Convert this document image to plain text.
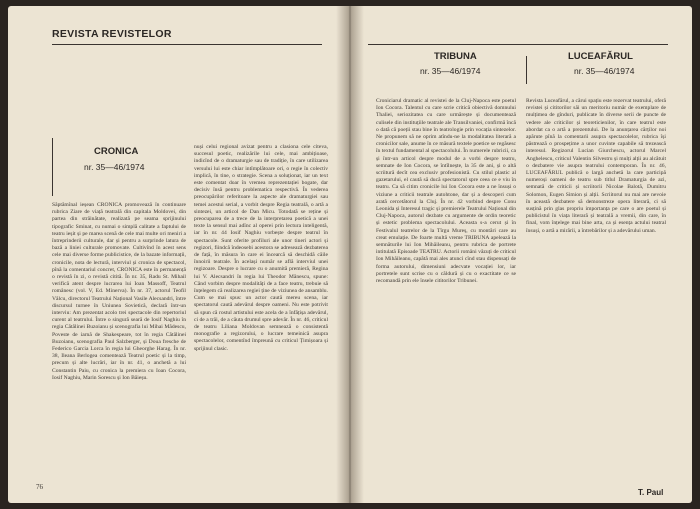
REVISTA REVISTELOR
CRONICA
nr. 35—46/1974
Săptămînal ieșean CRONICA promovează în continuare rubrica Ziare de viață teatrală din capitala Moldovei, din partea din străinătate, realizată pe seama sprijinului tipografic Sminat, cu numai o simplă calitate a faptului de teatru ieșit și pe marea scenă de cele mai multe ori meniri a întreprinderii culturale, dar și pentru a surprinde latura de bază a liniei culturale promovate. Cultivînd în acest sens cele mai diverse forme publicistice, de la bazate informații, cronicile, nota de lectură, interviul și cronica de spectacol, pînă la comentariul concret, CRONICA este în permanență o revistă în zi, o revistă citită. În nr. 35, Radu St. Mihail verifică atent despre lucrarea lui Ioan Massoff, Teatrul românesc (vol. V, Ed. Minerva). În nr. 37, actorul Teofil Vâlcu, directorul Teatrului Național Vasile Alecsandri, între discursul turnee în Uniunea Sovietică, declară într-un interviu: Am prezentat acolo trei spectacole din repertoriul curent al teatrului. Între o singură seară de Iosif Naghiu în regia Cătălinei Buzoianu și scenografia lui Mihai Mădescu, Poveste de iarnă de Shakespeare, tot în regia Cătălinei Buzoianu, scenografia Paul Salzberger, și Doua fresche de Federico Garcia Lorca în regia lui Gheorghe Harag. În nr. 38, Ileana Berlogea comentează Teatrul poetic și la timp, precum și alte lucrări, iar în nr. 41, o anchetă a lui Constantin Paiu, cu cronica la premiera cu Ioan Cocora, Iosif Naghiu, Marin Sorescu și Ion Băieșu.
nuși celui regional avizat pentru a clasiona cele citeva, succesul poetic, realizările lui cele, mai ambițioase, indicînd de o dramaturgie sau de tradiție, în care utilizarea versului lui este chiar intîmplătoare ori, o regie în colectiv implică, în tine, o strategie. Scena a soluționat, iar un text este comentat doar în vremea reprezentației bogate, dar decisiv însă pentru problematica respectivă. În vederea preocupărilor referitoare la aspecte ale dramaturgiei sau temei acestui serial, a vorbit despre Regia teatrală, o artă a sintezei, un articol de Dan Micu. Totodată se reține și preocuparea de a trece de la interpretarea poetică a unei texte la sensul mai adînc al operei prin lectura inteligentă, iar în nr. 44 Iosif Naghiu vorbește despre teatrul în spectacole. Sunt oferite profiluri ale unor tineri actori și regizori, fiindcă îndeosebi acestora se adresează dezbaterea de față, în măsura în care ei încearcă să deschidă căile înnoirii teatrale. În același număr se află interviul unei regizoare. Despre o lucrare cu o anumită premieră, Regina lui V. Alecsandri în regia lui Theodor Mănescu, spune: Când vorbim despre modalități de a face teatru, trebuie să înțelegem că realizarea regiei ține de viziunea de ansamblu. Cum se mai spus: un actor caută mereu scena, iar spectatorul caută adevărul despre oameni. Nu este potrivit să spun că rostul artistului este acela de a înfățișa adevărul, ci de a trăi, de a căuta drumul spre adevăr. În nr. 46, criticul de teatru Liliana Moldovan semnează o consistentă monografie a regizorului, o lucrare temeinică asupra spectacolelor, comentînd împreună cu criticul Țimișoara și sprijinul clasic.
76
TRIBUNA
nr. 35—46/1974
LUCEAFĂRUL
nr. 35—46/1974
Croniciarul dramatic al revistei de la Cluj-Napoca este poetul Ion Cocora. Talentul cu care scrie critică obiectivă domnului Thaliei, seriozitatea cu care urmărește și documentează culisele din instituțiile teatrale ale Transilvaniei, confirmă încă o dată că poeții stau bine în teatrologie prin vocația sintezelor. Ne propunem să ne oprim atîndu-ne la modalitatea literară a cronicilor sale, anume în ce măsură textele poetice se regăsesc în textul fundamental al spectacolului. În numerele rubricii, ca și într-un articol despre modul de a vorbi despre teatru, semnate de Ion Cocora, se întîlnește, la 35 de ani, și o altă scriitură decît cea exclusiv profesionistă. Cu stilul plastic al gazetarului, el caută să ducă spectatorul spre ceea ce e viu în teatru. Ca să citim cronicile lui Ion Cocora este a ne însuși o viziune a criticii teatrale autohtone, dar și a descoperi cum arată cercetătorul la Cluj. În nr. 42 vorbind despre Conu Leonida și Interesul tragic și premierele Teatrului Național din Cluj-Napoca, autorul dezbate cu argumente de ordin teoretic și estetic problema spectacolului. Aceasta s-a cerut și în Festivalul teatrelor de la Tîrgu Mureș, cu montări care au creat emulație. De foarte multă vreme TRIBUNA apelează la semnăturile lui Ion Mihăileanu, pentru rubrica de portrete intitulată Episoade TEATRU. Actorii români văzuți de criticul Ion Mihăileanu, capătă mai ales atunci cînd stau dispensați de forma autorului, dimensiuni adecvate vocației lor, iar portretele sunt scrise cu o căldură și cu o exactitate ce se recomandă prin ele însele cititorilor Tribunei.
Revista Luceafărul, a cărui spațiu este rezervat teatrului, oferă revistei și cititorilor săi un meritoriu număr de exemplare de mulțimea de gînduri, publicate în diverse serii de puncte de vedere ale criticilor și teoreticienilor, în care teatrul este abordat ca o artă a prezentului. De la anunțarea cărților noi apărute pînă la comentarii asupra spectacolelor, rubrica își păstrează o prospețime a unor cuvinte capabile să trezească interesul. Regizorul Lucian Giurchescu, actorul Marcel Anghelescu, criticul Valentin Silvestru și mulți alții au alcătuit o dezbatere vie asupra teatrului contemporan. În nr. 46, LUCEAFĂRUL publică o largă anchetă la care participă numeroși oameni de teatru sub titlul Dramaturgia de azi, semnată de criticii și scriitorii Nicolae Balotă, Dumitru Solomon, Eugen Simion și alții. Scriitorul nu mai are nevoie în această dezbatere să demonstreze opera literară, ci să susțină prin glas propriu importanța pe care o are poetul și publicistul în viața literară și teatrală a vremii, din care, în final, vom înțelege mai bine arta, ca și esența actului teatral însuși, o artă a mirării, a întrebărilor și a adevărului uman.
T. Paul
